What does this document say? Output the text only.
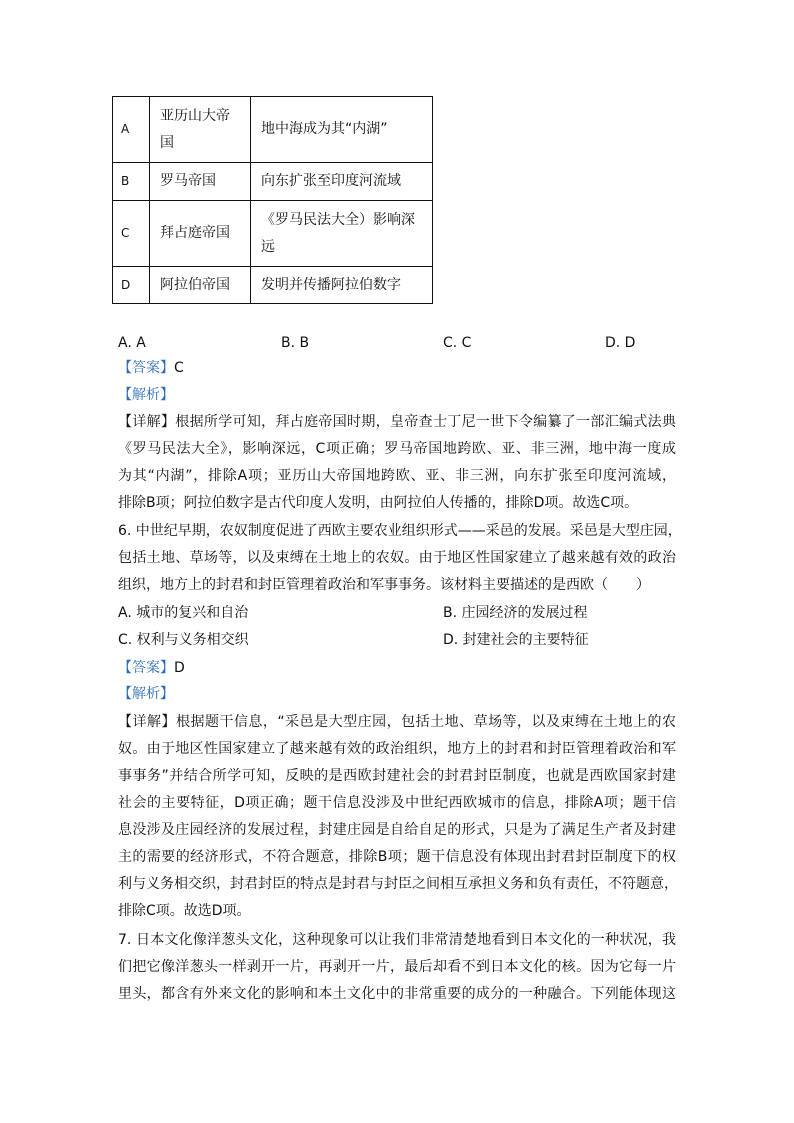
A	亚历山大帝国	地中海成为其“内湖”
B	罗马帝国	向东扩张至印度河流域
C	拜占庭帝国	《罗马民法大全）影响深远
D	阿拉伯帝国	发明并传播阿拉伯数字
A. A	B. B	C. C	D. D
【答案】C
【解析】
【详解】根据所学可知，拜占庭帝国时期，皇帝查士丁尼一世下令编纂了一部汇编式法典
《罗马民法大全》，影响深远，C项正确；罗马帝国地跨欧、亚、非三洲，地中海一度成
为其“内湖”，排除A项；亚历山大帝国地跨欧、亚、非三洲，向东扩张至印度河流域，
排除B项；阿拉伯数字是古代印度人发明，由阿拉伯人传播的，排除D项。故选C项。
6. 中世纪早期，农奴制度促进了西欧主要农业组织形式——采邑的发展。采邑是大型庄园，
包括土地、草场等，以及束缚在土地上的农奴。由于地区性国家建立了越来越有效的政治
组织，地方上的封君和封臣管理着政治和军事事务。该材料主要描述的是西欧（　　）
A. 城市的复兴和自治	B. 庄园经济的发展过程
C. 权利与义务相交织	D. 封建社会的主要特征
【答案】D
【解析】
【详解】根据题干信息，“采邑是大型庄园，包括土地、草场等，以及束缚在土地上的农
奴。由于地区性国家建立了越来越有效的政治组织，地方上的封君和封臣管理着政治和军
事事务”并结合所学可知，反映的是西欧封建社会的封君封臣制度，也就是西欧国家封建
社会的主要特征，D项正确；题干信息没涉及中世纪西欧城市的信息，排除A项；题干信
息没涉及庄园经济的发展过程，封建庄园是自给自足的形式，只是为了满足生产者及封建
主的需要的经济形式，不符合题意，排除B项；题干信息没有体现出封君封臣制度下的权
利与义务相交织，封君封臣的特点是封君与封臣之间相互承担义务和负有责任，不符题意，
排除C项。故选D项。
7. 日本文化像洋葱头文化，这种现象可以让我们非常清楚地看到日本文化的一种状况，我
们把它像洋葱头一样剥开一片，再剥开一片，最后却看不到日本文化的核。因为它每一片
里头，都含有外来文化的影响和本土文化中的非常重要的成分的一种融合。下列能体现这
